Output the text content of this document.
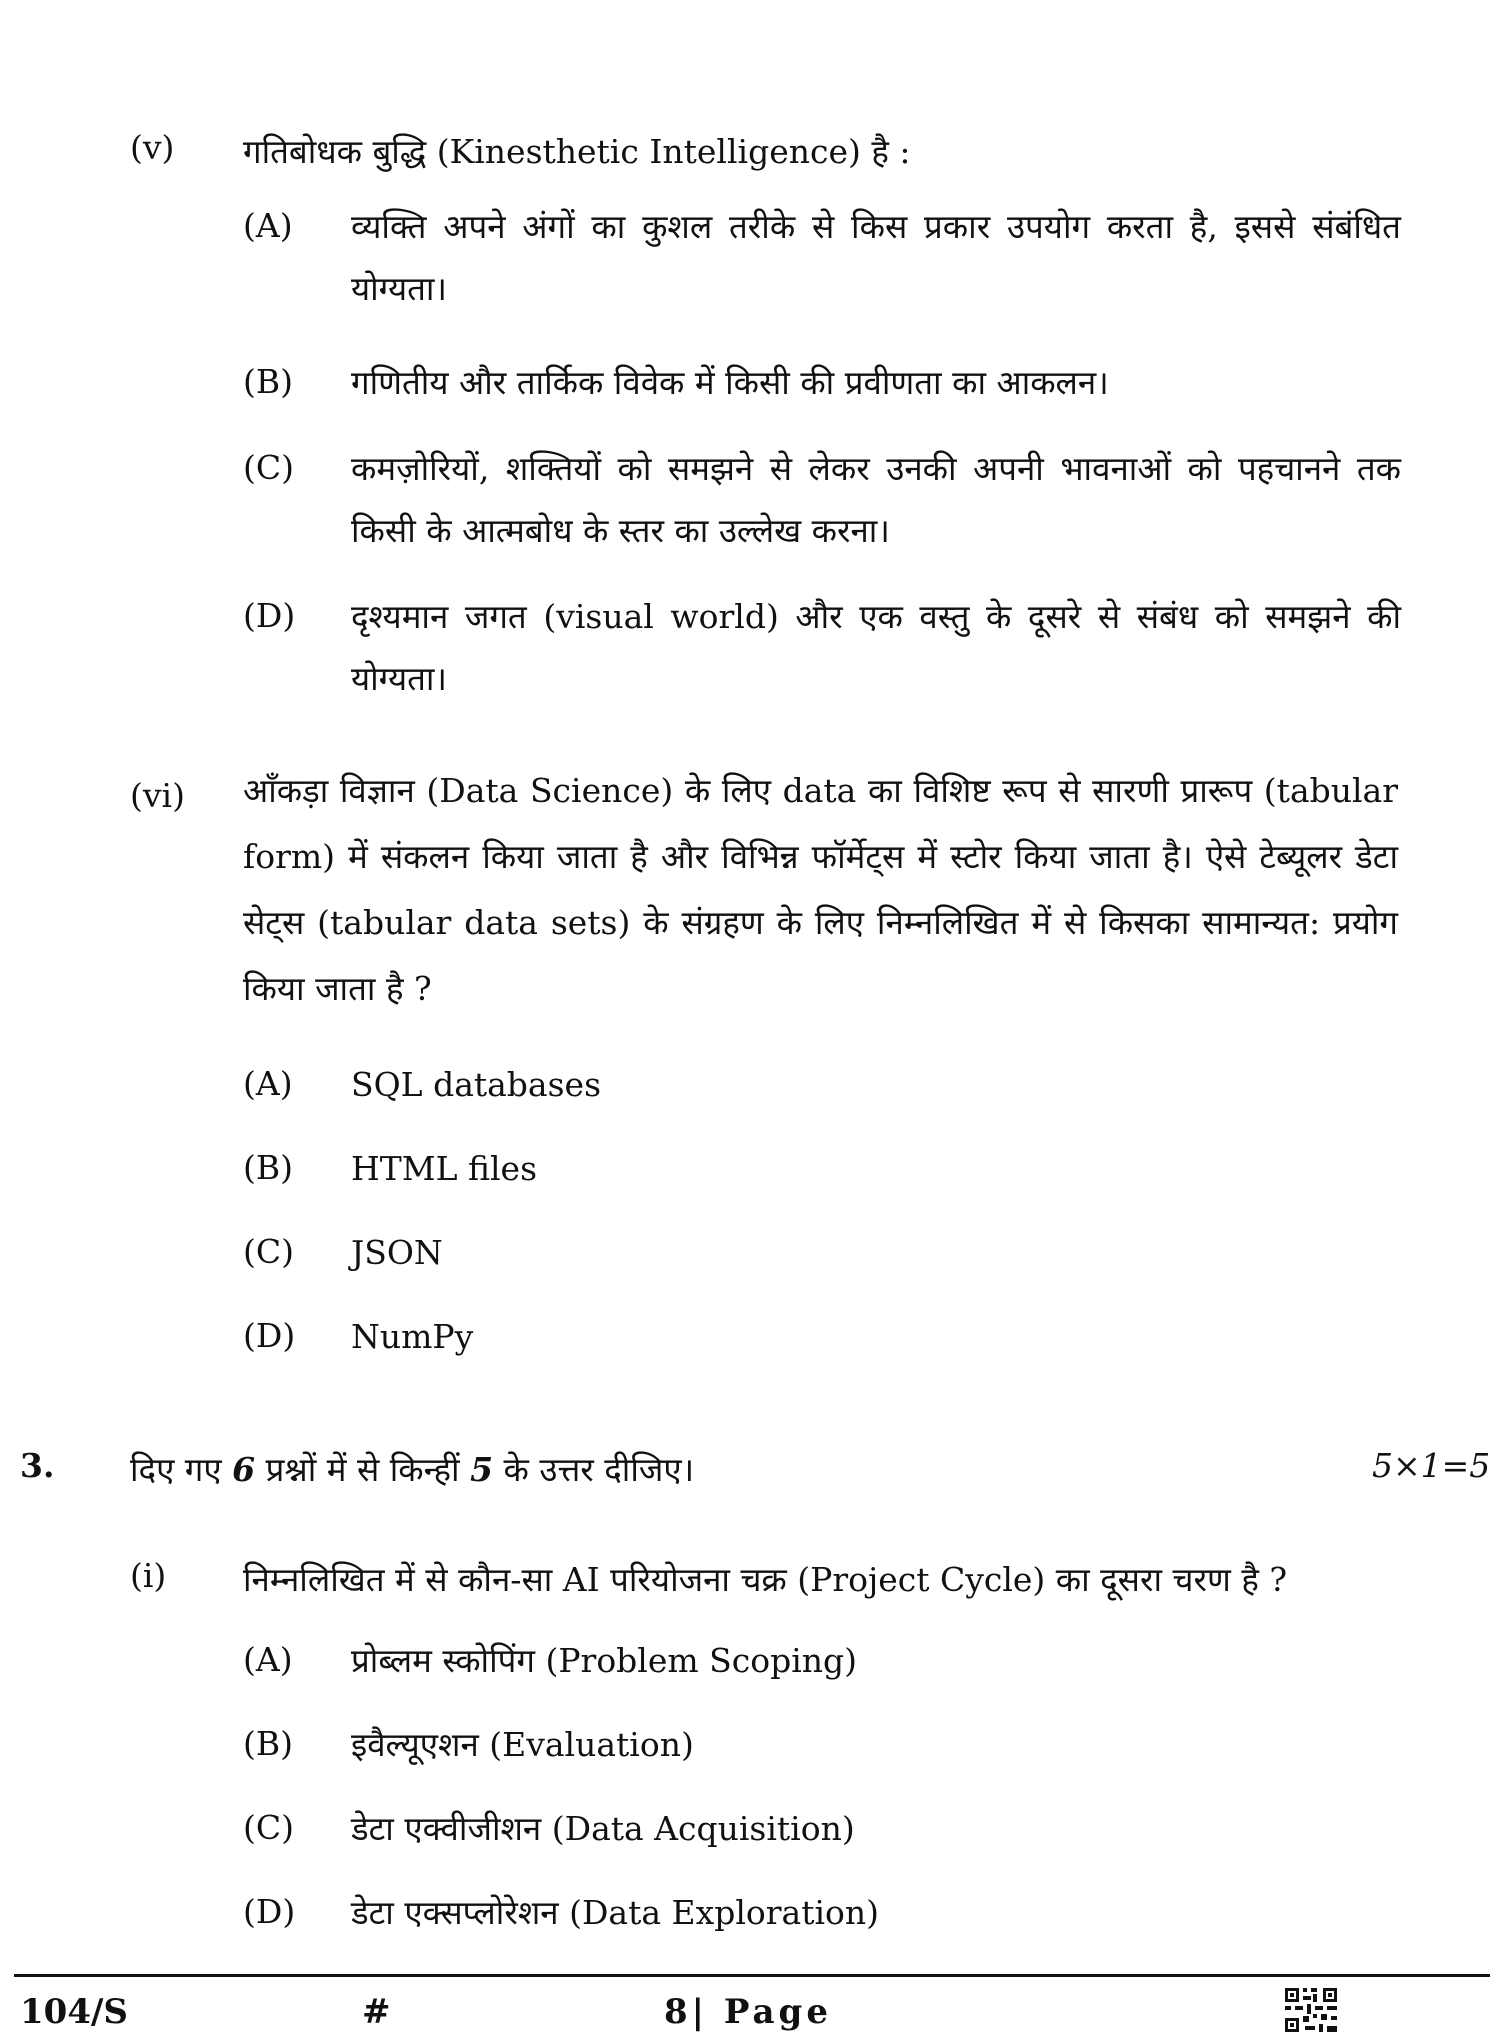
(v) गतिबोधक बुद्धि (Kinesthetic Intelligence) है :
(A) व्यक्ति अपने अंगों का कुशल तरीके से किस प्रकार उपयोग करता है, इससे संबंधित योग्यता।
(B) गणितीय और तार्किक विवेक में किसी की प्रवीणता का आकलन।
(C) कमज़ोरियों, शक्तियों को समझने से लेकर उनकी अपनी भावनाओं को पहचानने तक किसी के आत्मबोध के स्तर का उल्लेख करना।
(D) दृश्यमान जगत (visual world) और एक वस्तु के दूसरे से संबंध को समझने की योग्यता।
(vi) आँकड़ा विज्ञान (Data Science) के लिए data का विशिष्ट रूप से सारणी प्रारूप (tabular form) में संकलन किया जाता है और विभिन्न फॉर्मेट्स में स्टोर किया जाता है। ऐसे टेब्यूलर डेटा सेट्स (tabular data sets) के संग्रहण के लिए निम्नलिखित में से किसका सामान्यत: प्रयोग किया जाता है ?
(A) SQL databases
(B) HTML files
(C) JSON
(D) NumPy
3. दिए गए 6 प्रश्नों में से किन्हीं 5 के उत्तर दीजिए।	5×1=5
(i) निम्नलिखित में से कौन-सा AI परियोजना चक्र (Project Cycle) का दूसरा चरण है ?
(A) प्रोब्लम स्कोपिंग (Problem Scoping)
(B) इवैल्यूएशन (Evaluation)
(C) डेटा एक्वीजीशन (Data Acquisition)
(D) डेटा एक्सप्लोरेशन (Data Exploration)
104/S	#	8| Page
